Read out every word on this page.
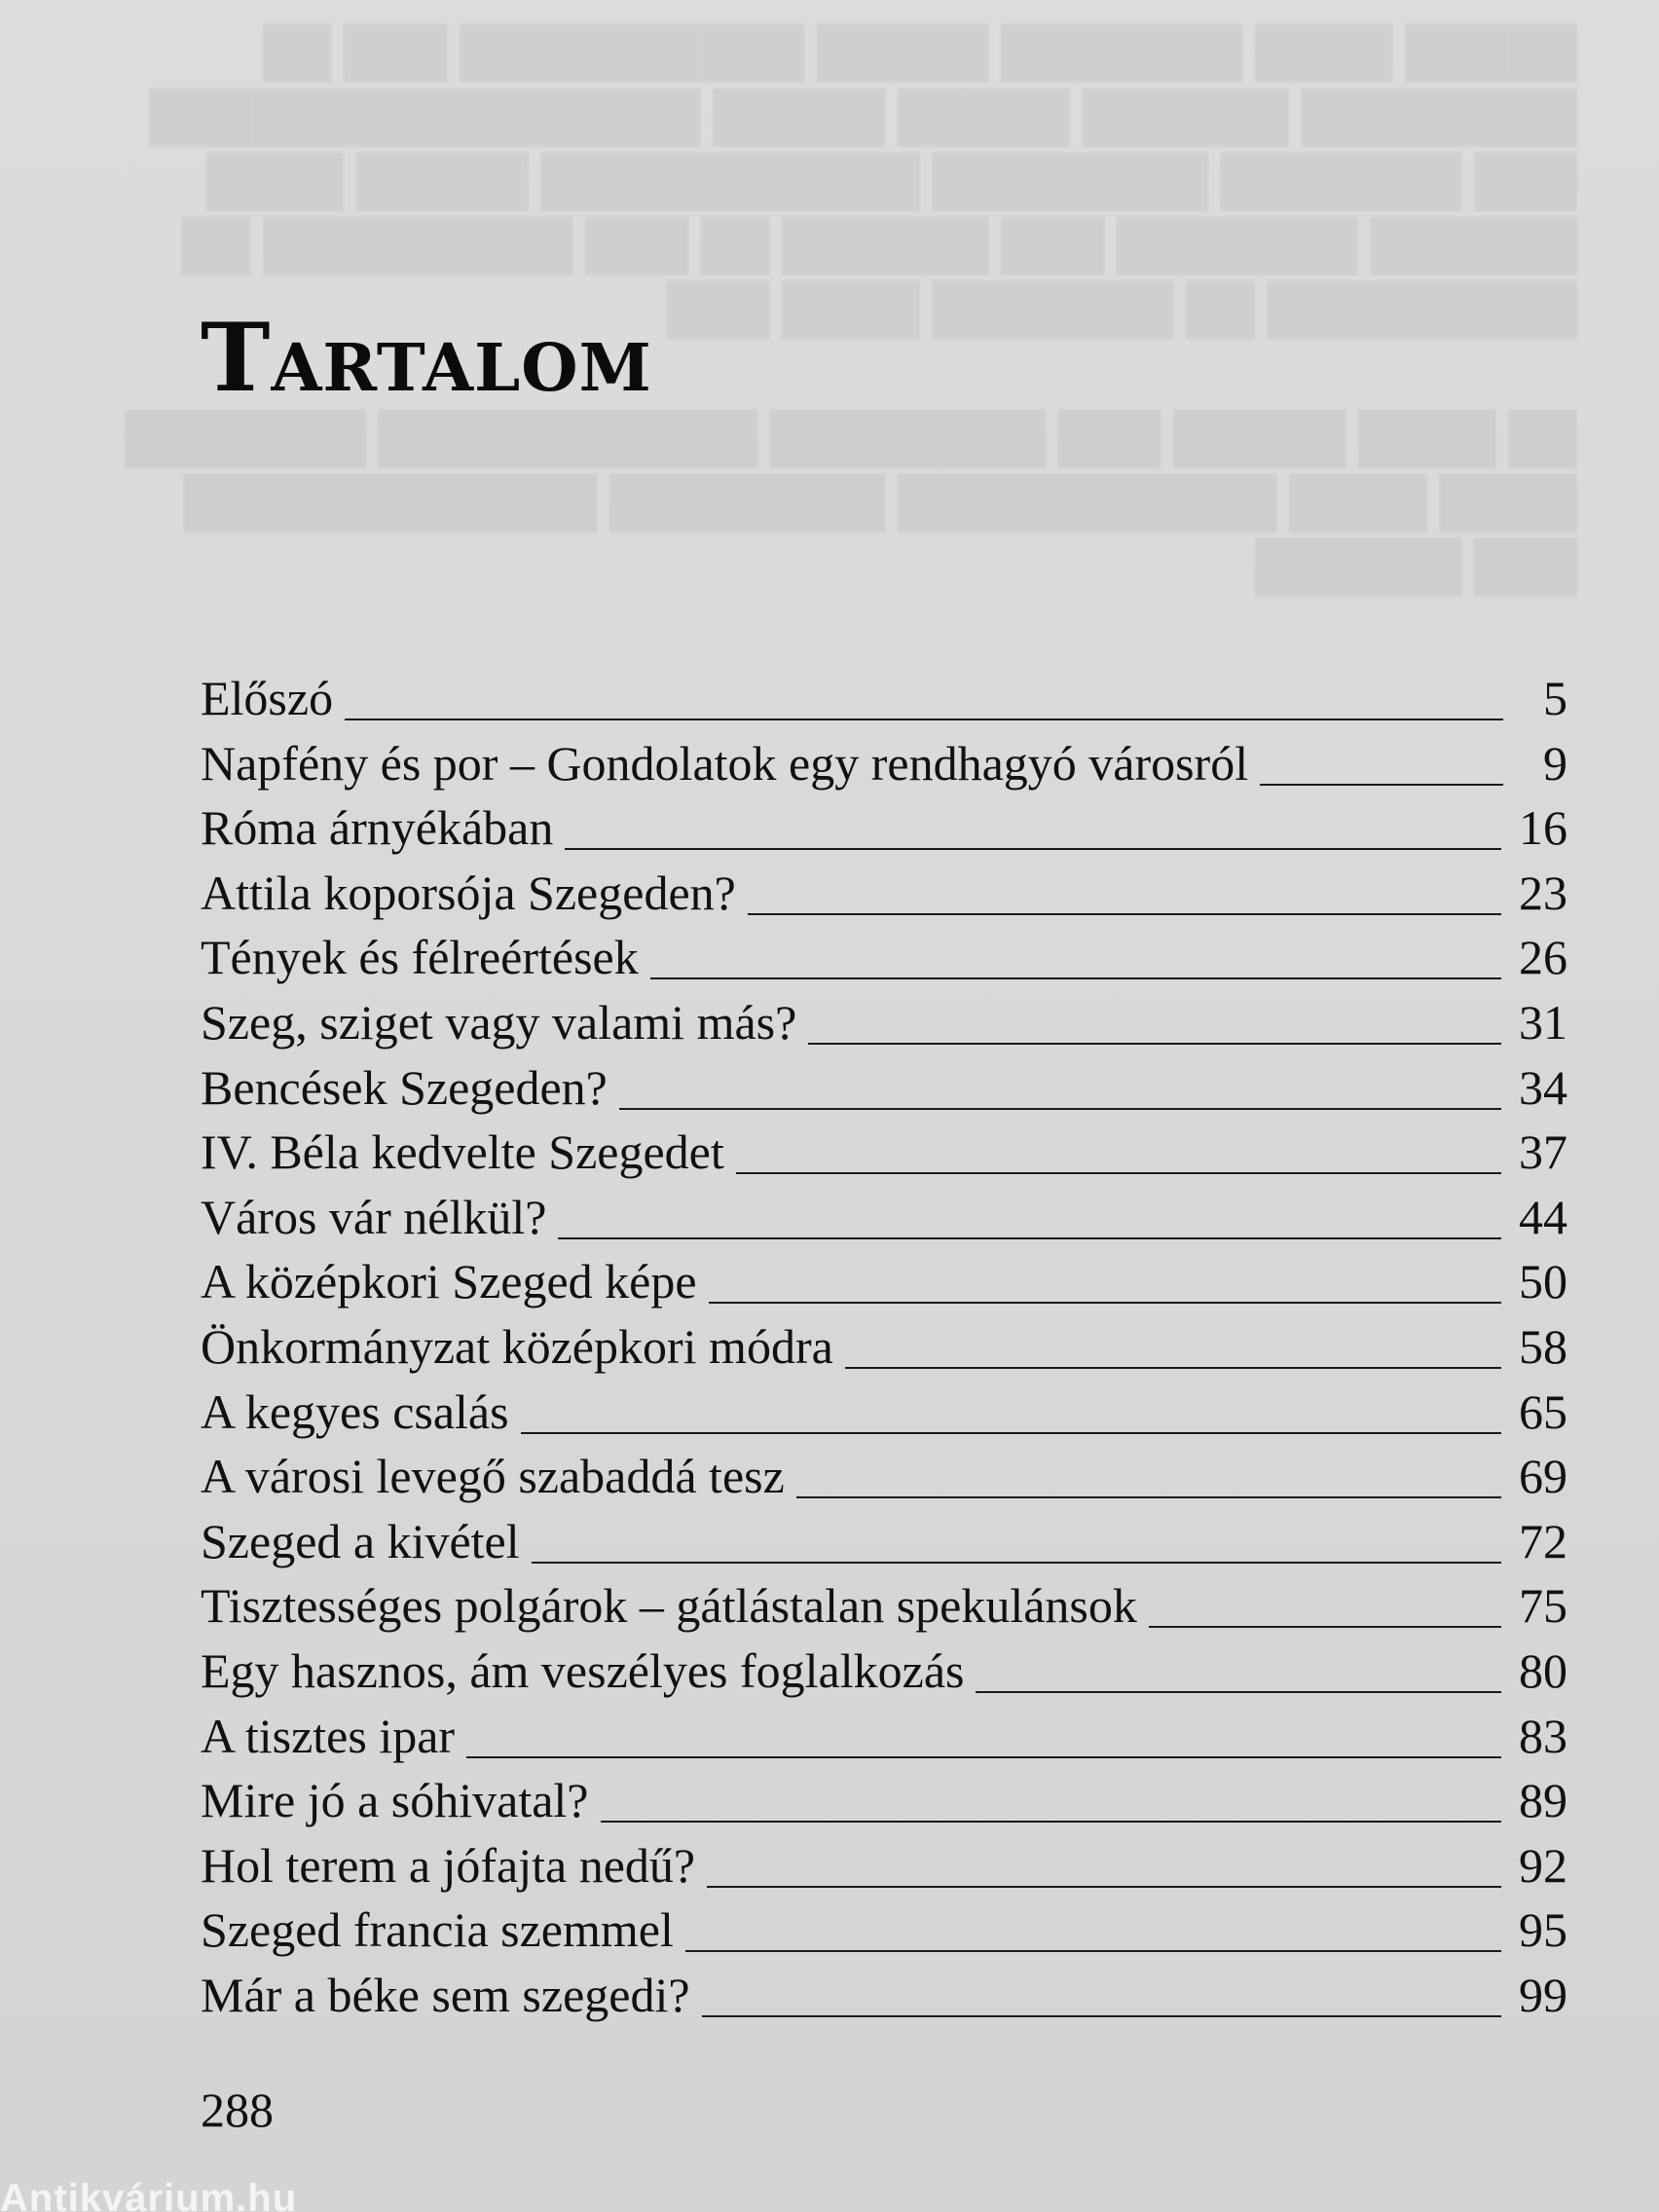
█████ ████ ███████ █████ ██████████ ███ ██
████████ ██████ █████ █████ ████████████████
███ ███████ ████████ ███████████ █████ ████
██████ ███████ ███ ██████ ██ ███ █████████ ██
█████████ ██ ███████ ████ ███

██ ████ █████ ███ ████████ ███████████ ███████
████ ████ ███████████ ████████ ████████████
███ ██████
Tartalom
Előszó	5
Napfény és por – Gondolatok egy rendhagyó városról	9
Róma árnyékában	16
Attila koporsója Szegeden?	23
Tények és félreértések	26
Szeg, sziget vagy valami más?	31
Bencések Szegeden?	34
IV. Béla kedvelte Szegedet	37
Város vár nélkül?	44
A középkori Szeged képe	50
Önkormányzat középkori módra	58
A kegyes csalás	65
A városi levegő szabaddá tesz	69
Szeged a kivétel	72
Tisztességes polgárok – gátlástalan spekulánsok	75
Egy hasznos, ám veszélyes foglalkozás	80
A tisztes ipar	83
Mire jó a sóhivatal?	89
Hol terem a jófajta nedű?	92
Szeged francia szemmel	95
Már a béke sem szegedi?	99
288
Antikvárium.hu
